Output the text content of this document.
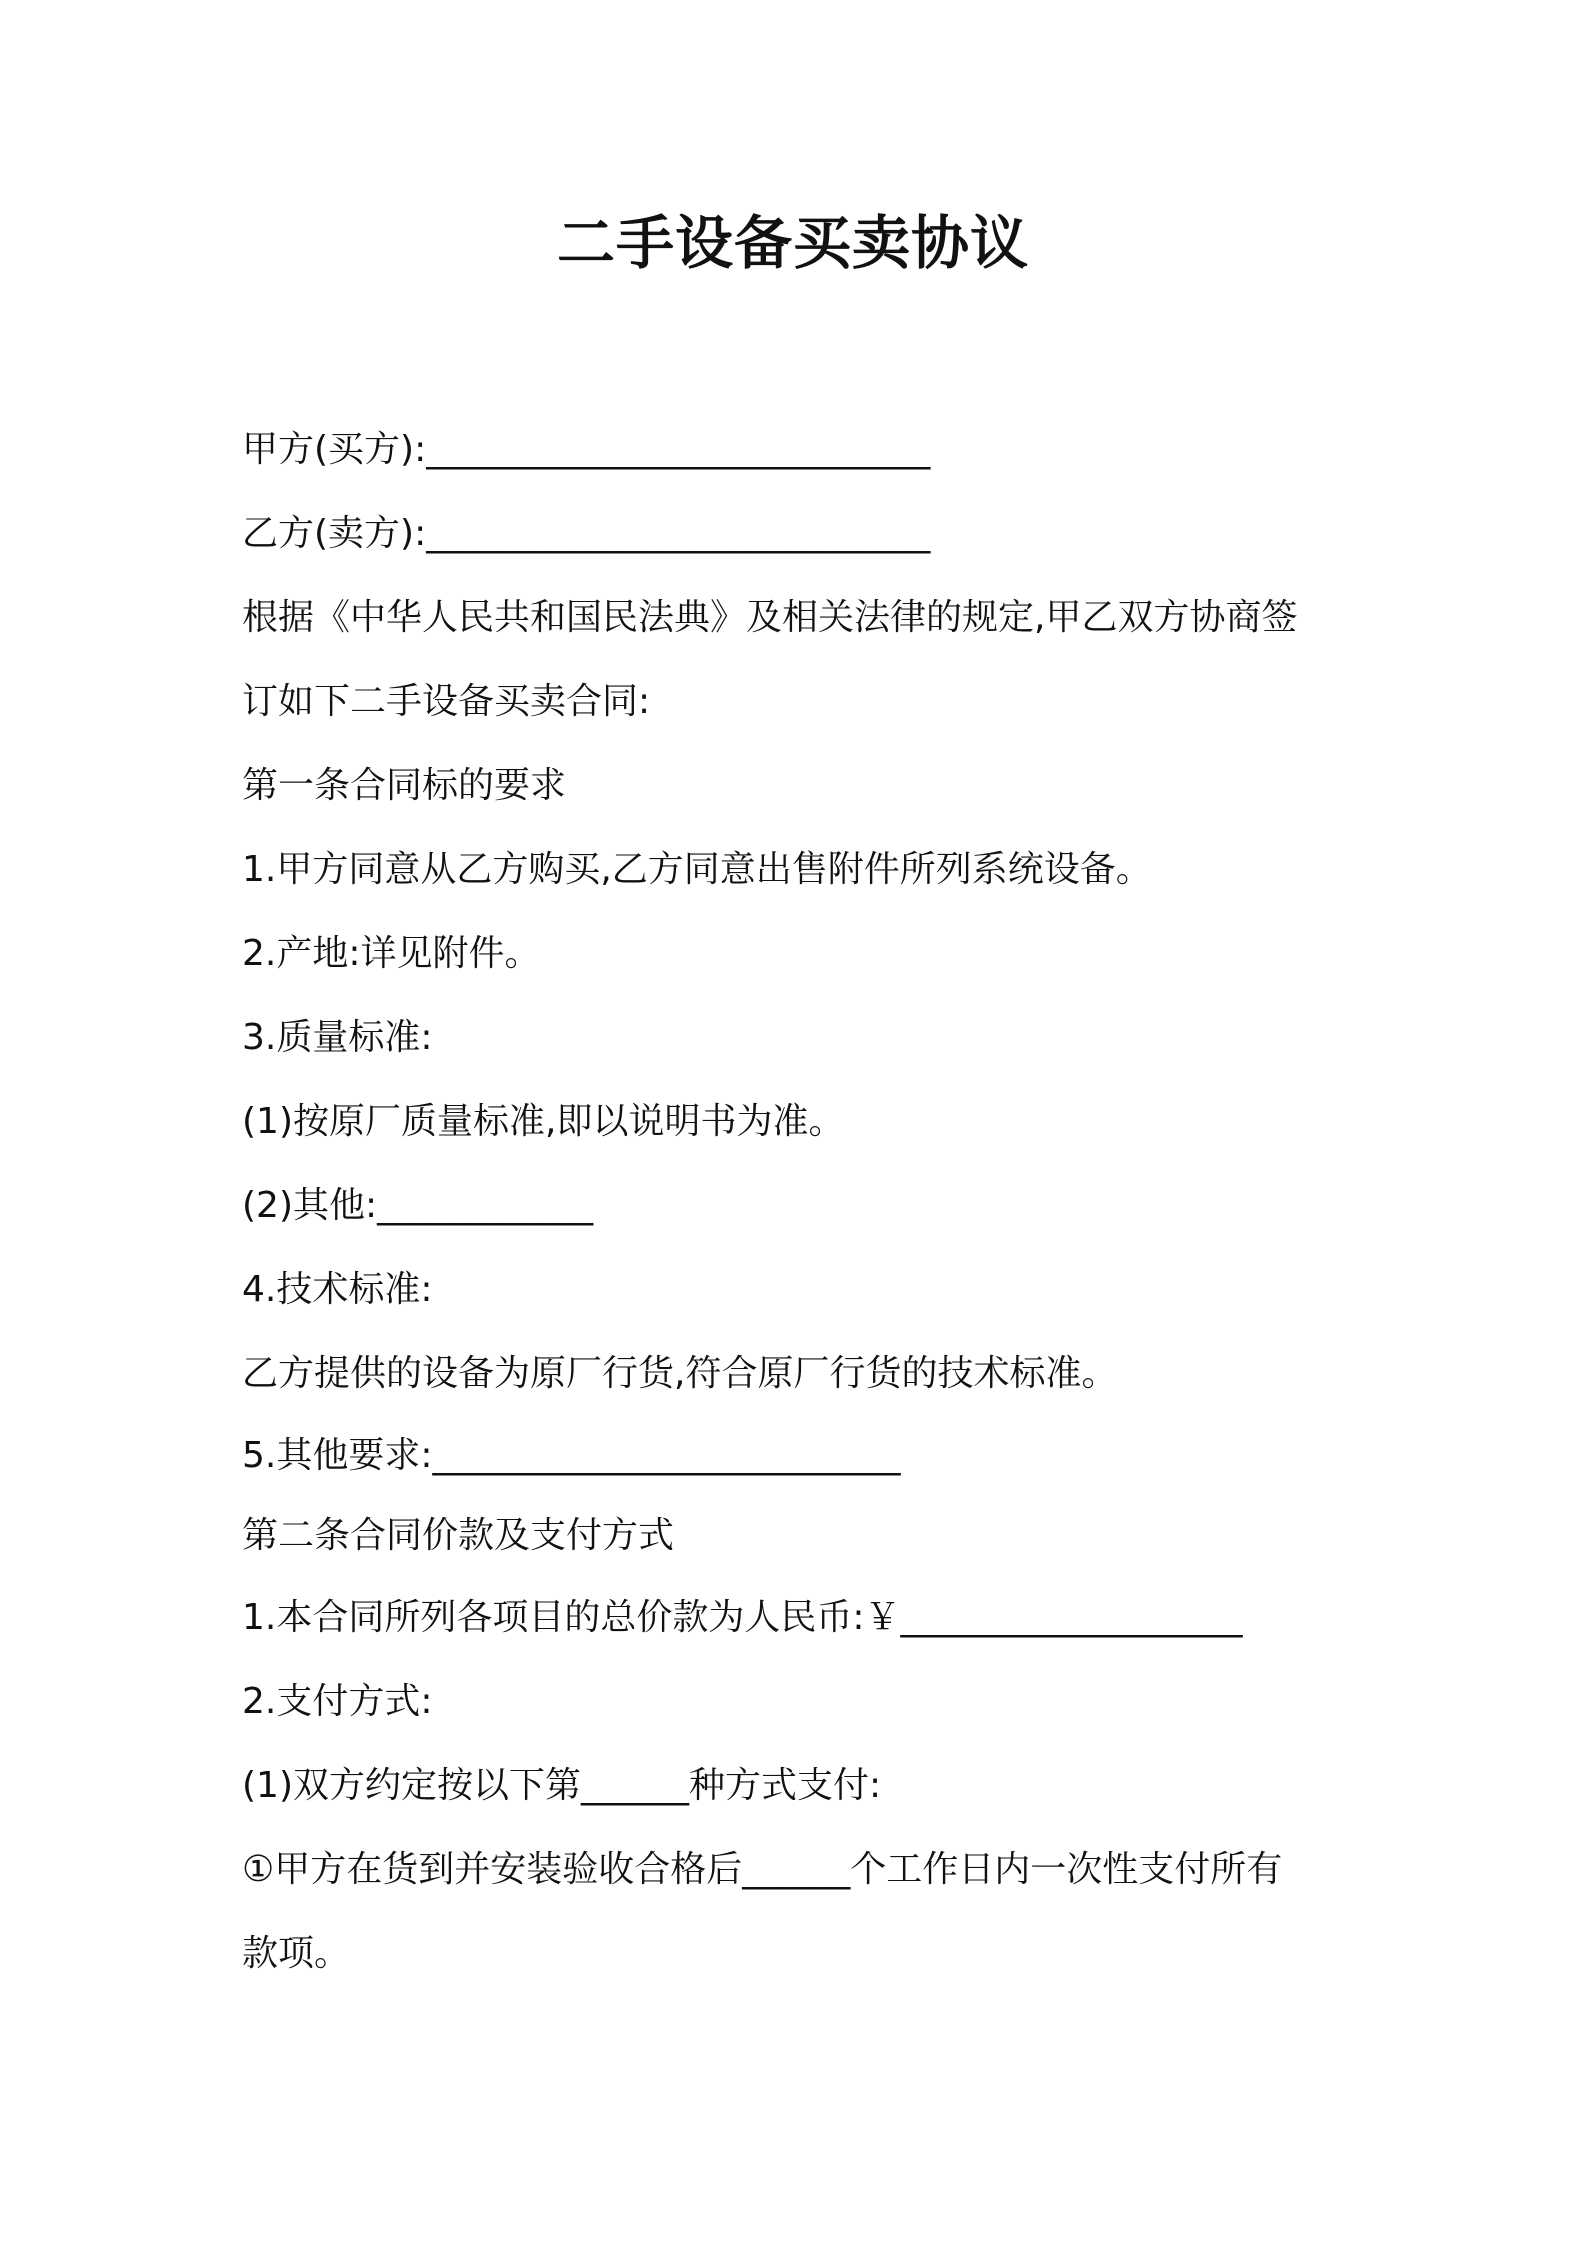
二手设备买卖协议

甲方(买方):____________________________

乙方(卖方):____________________________

根据《中华人民共和国民法典》及相关法律的规定,甲乙双方协商签

订如下二手设备买卖合同:

第一条合同标的要求

1.甲方同意从乙方购买,乙方同意出售附件所列系统设备。

2.产地:详见附件。

3.质量标准:

(1)按原厂质量标准,即以说明书为准。

(2)其他:____________

4.技术标准:

乙方提供的设备为原厂行货,符合原厂行货的技术标准。

5.其他要求:__________________________

第二条合同价款及支付方式

1.本合同所列各项目的总价款为人民币:￥___________________

2.支付方式:

(1)双方约定按以下第______种方式支付:

①甲方在货到并安装验收合格后______个工作日内一次性支付所有

款项。
